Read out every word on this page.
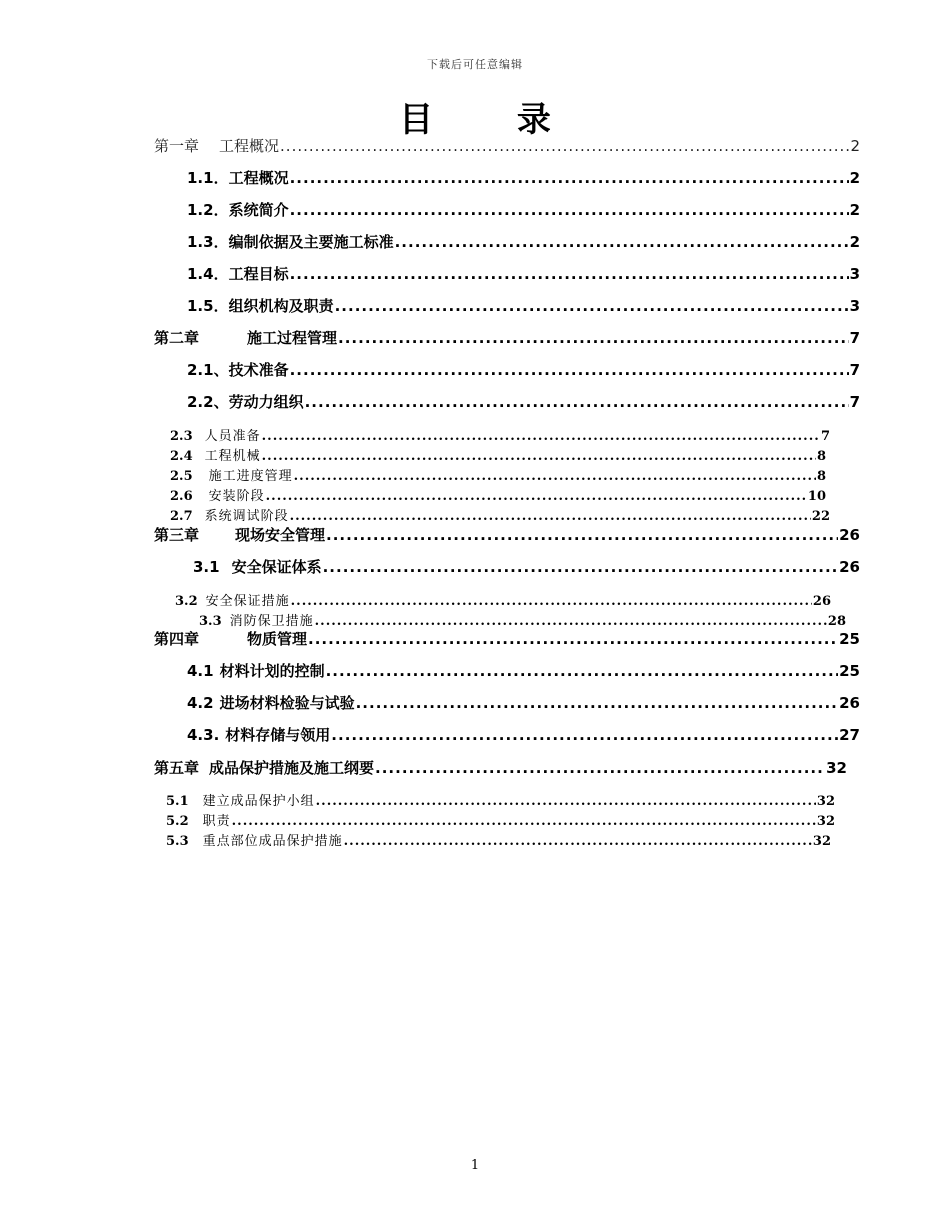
下载后可任意编辑
目 录
第一章 工程概况 .....	2
1.1．工程概况 .....	2
1.2．系统简介 .....	2
1.3．编制依据及主要施工标准 .....	2
1.4．工程目标 .....	3
1.5．组织机构及职责 .....	3
第二章	施工过程管理 .....	7
2.1、技术准备 .....	7
2.2、劳动力组织 .....	7
2.3 人员准备 .....	7
2.4 工程机械 .....	8
2.5 施工进度管理 .....	8
2.6 安装阶段 .....	10
2.7 系统调试阶段 .....	22
第三章 现场安全管理 .....	26
3.1 安全保证体系 .....	26
3.2 安全保证措施 .....	26
3.3 消防保卫措施 .....	28
第四章	物质管理 .....	25
4.1 材料计划的控制 .....	25
4.2 进场材料检验与试验 .....	26
4.3. 材料存储与领用 .....	27
第五章 成品保护措施及施工纲要 .....	32
5.1 建立成品保护小组 .....	32
5.2 职责 .....	32
5.3 重点部位成品保护措施 .....	32
1
